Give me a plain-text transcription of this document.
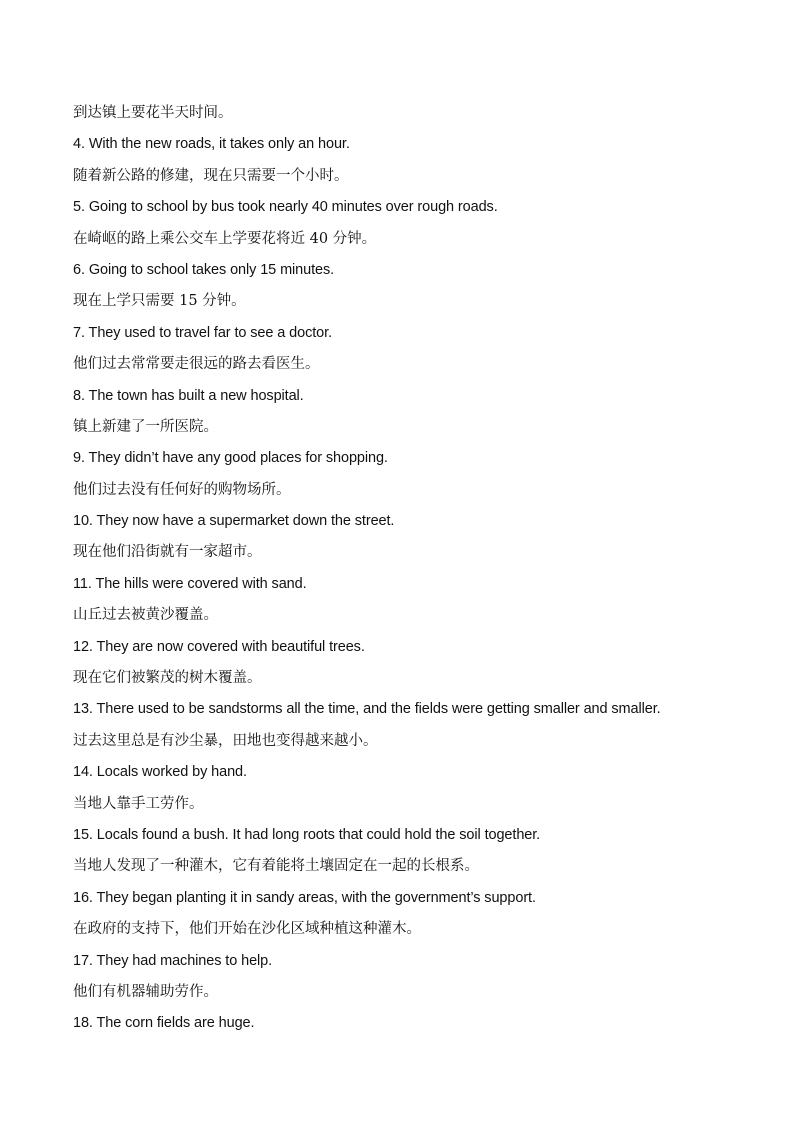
到达镇上要花半天时间。
4. With the new roads, it takes only an hour.
随着新公路的修建，现在只需要一个小时。
5. Going to school by bus took nearly 40 minutes over rough roads.
在崎岖的路上乘公交车上学要花将近 40 分钟。
6. Going to school takes only 15 minutes.
现在上学只需要 15 分钟。
7. They used to travel far to see a doctor.
他们过去常常要走很远的路去看医生。
8. The town has built a new hospital.
镇上新建了一所医院。
9. They didn’t have any good places for shopping.
他们过去没有任何好的购物场所。
10. They now have a supermarket down the street.
现在他们沿街就有一家超市。
11. The hills were covered with sand.
山丘过去被黄沙覆盖。
12. They are now covered with beautiful trees.
现在它们被繁茂的树木覆盖。
13. There used to be sandstorms all the time, and the fields were getting smaller and smaller.
过去这里总是有沙尘暴，田地也变得越来越小。
14. Locals worked by hand.
当地人靠手工劳作。
15. Locals found a bush. It had long roots that could hold the soil together.
当地人发现了一种灌木，它有着能将土壤固定在一起的长根系。
16. They began planting it in sandy areas, with the government’s support.
在政府的支持下，他们开始在沙化区域种植这种灌木。
17. They had machines to help.
他们有机器辅助劳作。
18. The corn fields are huge.
